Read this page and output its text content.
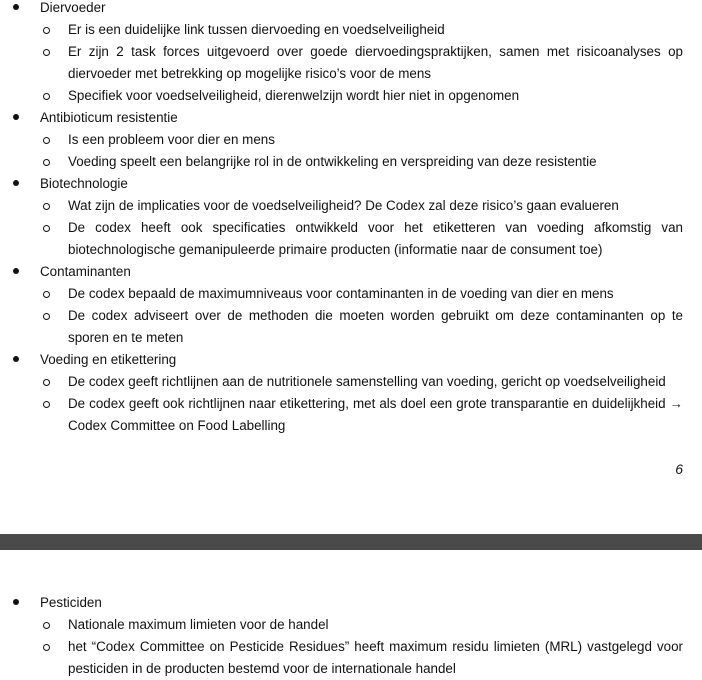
Diervoeder
Er is een duidelijke link tussen diervoeding en voedselveiligheid
Er zijn 2 task forces uitgevoerd over goede diervoedingspraktijken, samen met risicoanalyses op diervoeder met betrekking op mogelijke risico’s voor de mens
Specifiek voor voedselveiligheid, dierenwelzijn wordt hier niet in opgenomen
Antibioticum resistentie
Is een probleem voor dier en mens
Voeding speelt een belangrijke rol in de ontwikkeling en verspreiding van deze resistentie
Biotechnologie
Wat zijn de implicaties voor de voedselveiligheid? De Codex zal deze risico’s gaan evalueren
De codex heeft ook specificaties ontwikkeld voor het etiketteren van voeding afkomstig van biotechnologische gemanipuleerde primaire producten (informatie naar de consument toe)
Contaminanten
De codex bepaald de maximumniveaus voor contaminanten in de voeding van dier en mens
De codex adviseert over de methoden die moeten worden gebruikt om deze contaminanten op te sporen en te meten
Voeding en etikettering
De codex geeft richtlijnen aan de nutritionele samenstelling van voeding, gericht op voedselveiligheid
De codex geeft ook richtlijnen naar etikettering, met als doel een grote transparantie en duidelijkheid → Codex Committee on Food Labelling
6
Pesticiden
Nationale maximum limieten voor de handel
het “Codex Committee on Pesticide Residues” heeft maximum residu limieten (MRL) vastgelegd voor pesticiden in de producten bestemd voor de internationale handel
